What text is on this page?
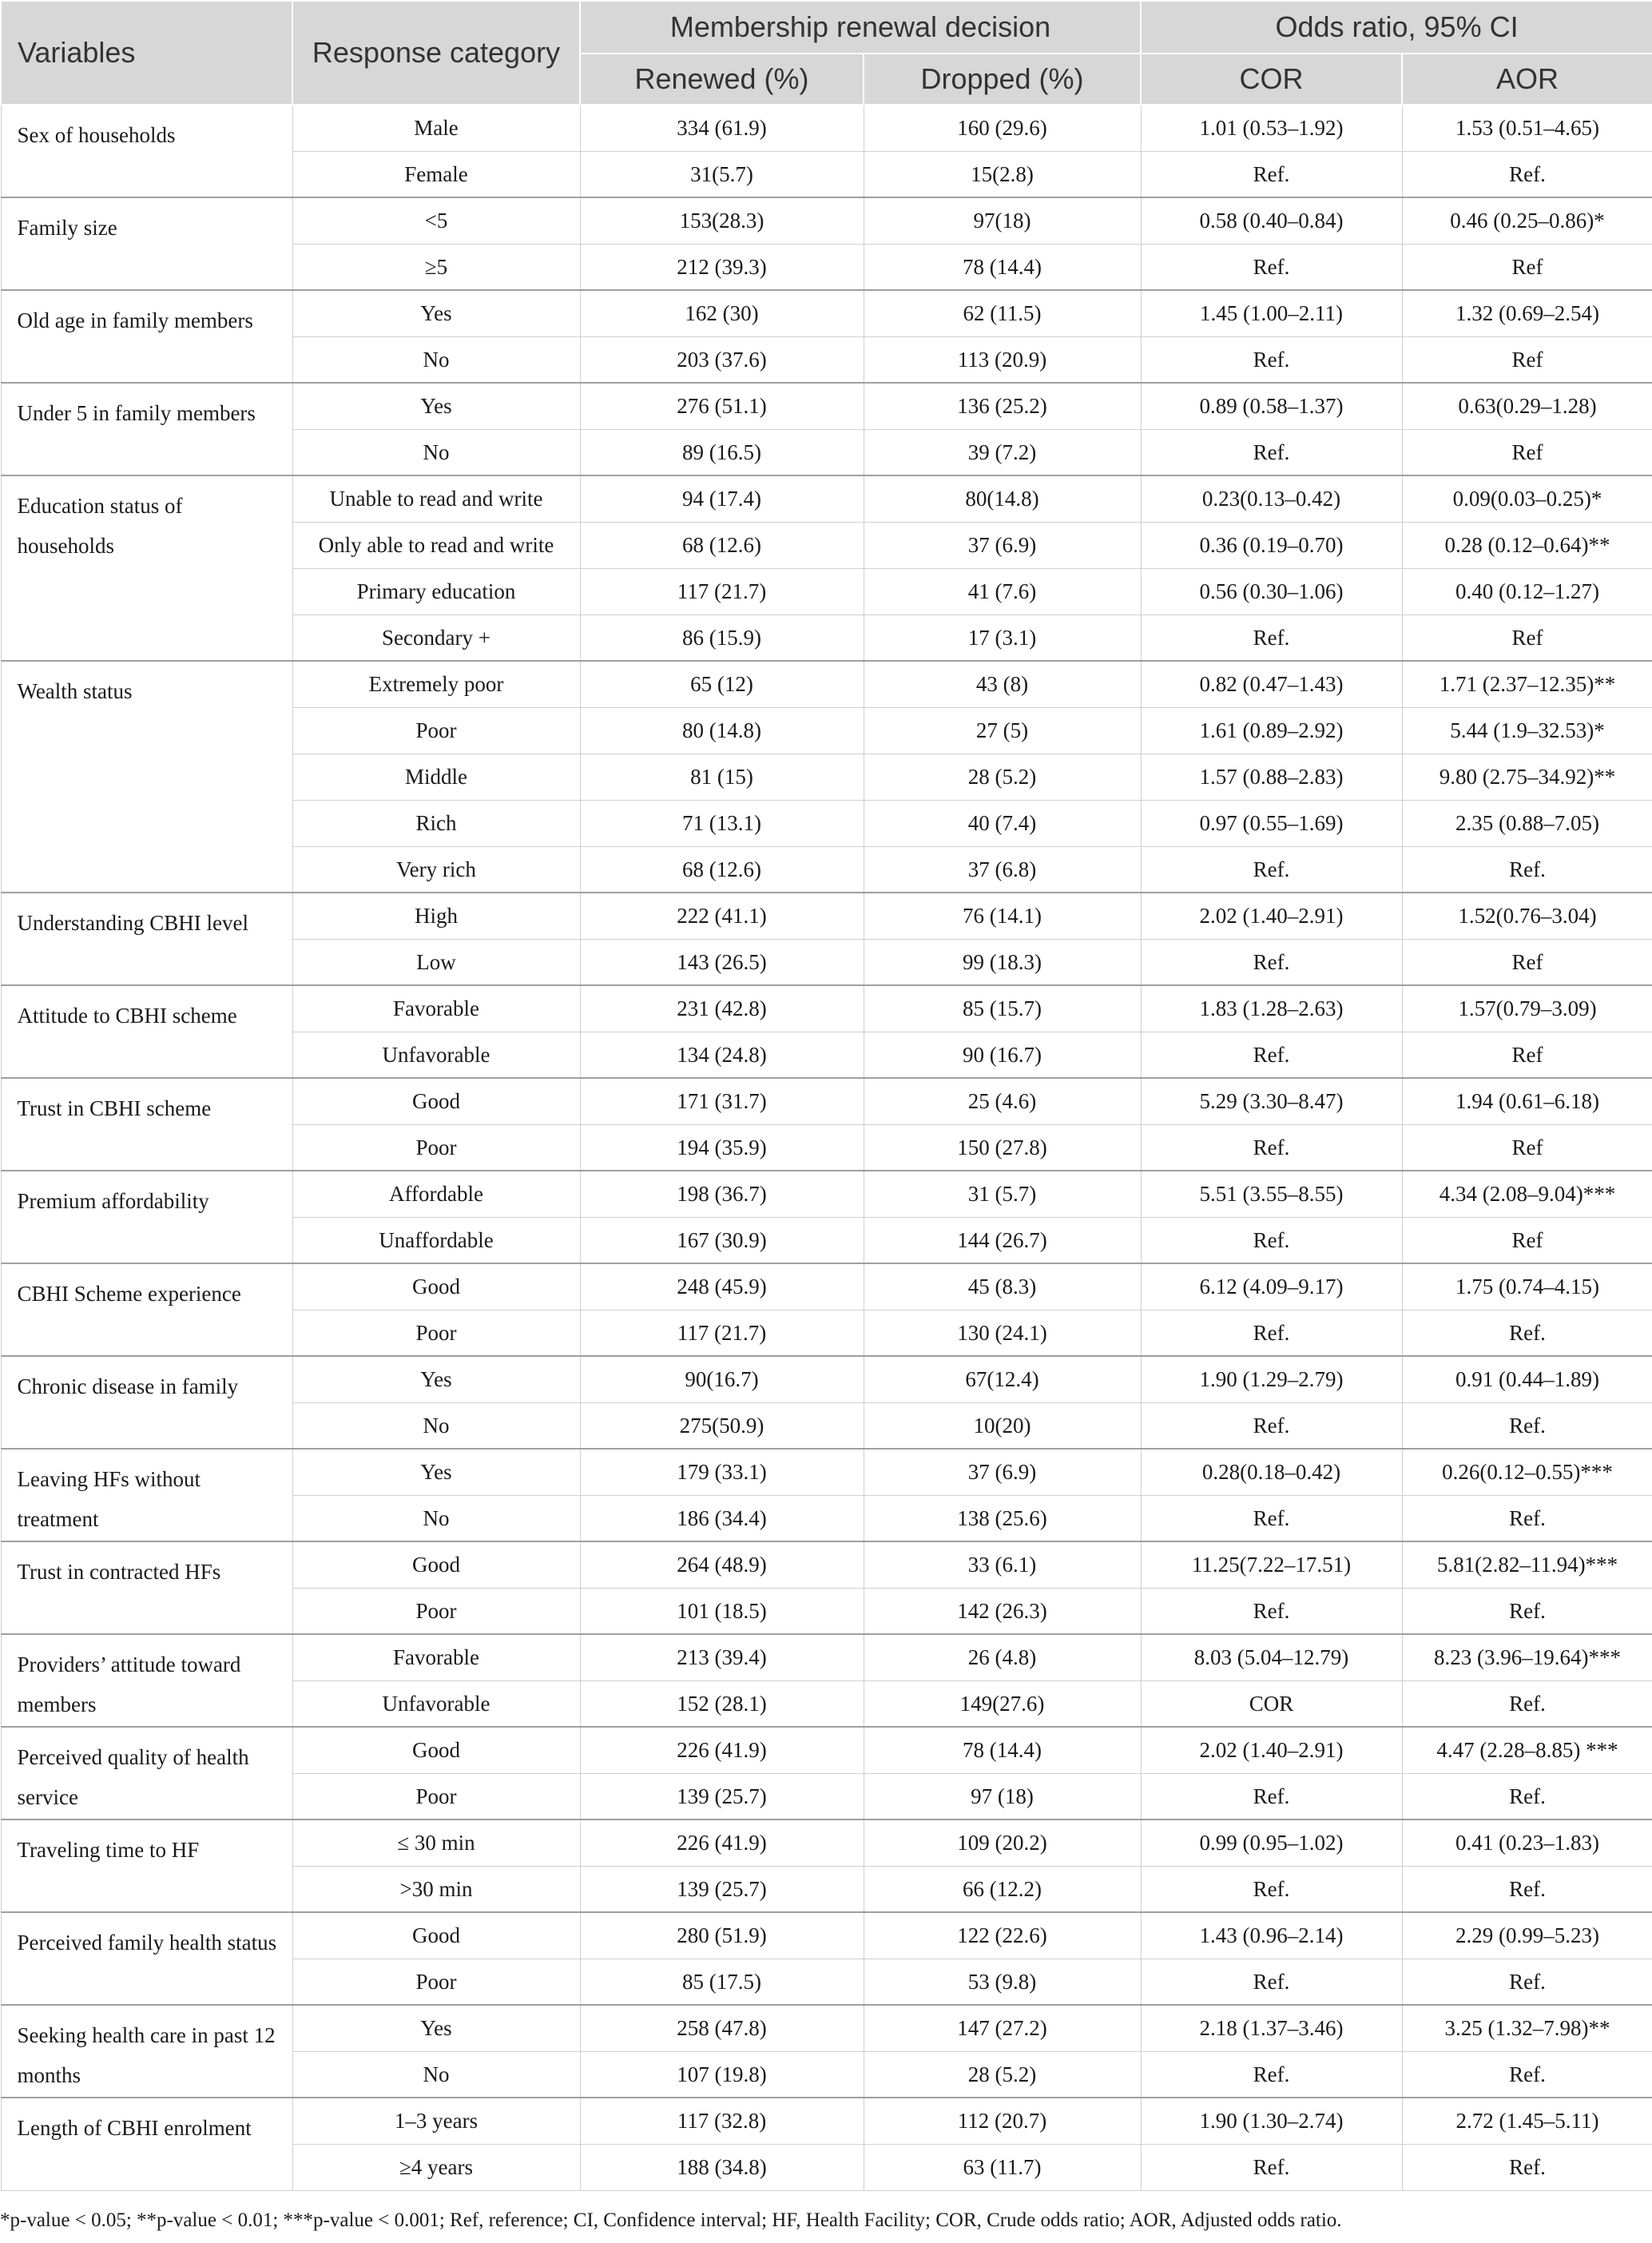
Variables	Response category	Membership renewal decision		Odds ratio, 95% CI	
		Renewed (%)	Dropped (%)	COR	AOR
Sex of households	Male	334 (61.9)	160 (29.6)	1.01 (0.53–1.92)	1.53 (0.51–4.65)
	Female	31(5.7)	15(2.8)	Ref.	Ref.
Family size	<5	153(28.3)	97(18)	0.58 (0.40–0.84)	0.46 (0.25–0.86)*
	≥5	212 (39.3)	78 (14.4)	Ref.	Ref
Old age in family members	Yes	162 (30)	62 (11.5)	1.45 (1.00–2.11)	1.32 (0.69–2.54)
	No	203 (37.6)	113 (20.9)	Ref.	Ref
Under 5 in family members	Yes	276 (51.1)	136 (25.2)	0.89 (0.58–1.37)	0.63(0.29–1.28)
	No	89 (16.5)	39 (7.2)	Ref.	Ref
Education status of households	Unable to read and write	94 (17.4)	80(14.8)	0.23(0.13–0.42)	0.09(0.03–0.25)*
	Only able to read and write	68 (12.6)	37 (6.9)	0.36 (0.19–0.70)	0.28 (0.12–0.64)**
	Primary education	117 (21.7)	41 (7.6)	0.56 (0.30–1.06)	0.40 (0.12–1.27)
	Secondary +	86 (15.9)	17 (3.1)	Ref.	Ref
Wealth status	Extremely poor	65 (12)	43 (8)	0.82 (0.47–1.43)	1.71 (2.37–12.35)**
	Poor	80 (14.8)	27 (5)	1.61 (0.89–2.92)	5.44 (1.9–32.53)*
	Middle	81 (15)	28 (5.2)	1.57 (0.88–2.83)	9.80 (2.75–34.92)**
	Rich	71 (13.1)	40 (7.4)	0.97 (0.55–1.69)	2.35 (0.88–7.05)
	Very rich	68 (12.6)	37 (6.8)	Ref.	Ref.
Understanding CBHI level	High	222 (41.1)	76 (14.1)	2.02 (1.40–2.91)	1.52(0.76–3.04)
	Low	143 (26.5)	99 (18.3)	Ref.	Ref
Attitude to CBHI scheme	Favorable	231 (42.8)	85 (15.7)	1.83 (1.28–2.63)	1.57(0.79–3.09)
	Unfavorable	134 (24.8)	90 (16.7)	Ref.	Ref
Trust in CBHI scheme	Good	171 (31.7)	25 (4.6)	5.29 (3.30–8.47)	1.94 (0.61–6.18)
	Poor	194 (35.9)	150 (27.8)	Ref.	Ref
Premium affordability	Affordable	198 (36.7)	31 (5.7)	5.51 (3.55–8.55)	4.34 (2.08–9.04)***
	Unaffordable	167 (30.9)	144 (26.7)	Ref.	Ref
CBHI Scheme experience	Good	248 (45.9)	45 (8.3)	6.12 (4.09–9.17)	1.75 (0.74–4.15)
	Poor	117 (21.7)	130 (24.1)	Ref.	Ref.
Chronic disease in family	Yes	90(16.7)	67(12.4)	1.90 (1.29–2.79)	0.91 (0.44–1.89)
	No	275(50.9)	10(20)	Ref.	Ref.
Leaving HFs without treatment	Yes	179 (33.1)	37 (6.9)	0.28(0.18–0.42)	0.26(0.12–0.55)***
	No	186 (34.4)	138 (25.6)	Ref.	Ref.
Trust in contracted HFs	Good	264 (48.9)	33 (6.1)	11.25(7.22–17.51)	5.81(2.82–11.94)***
	Poor	101 (18.5)	142 (26.3)	Ref.	Ref.
Providers’ attitude toward members	Favorable	213 (39.4)	26 (4.8)	8.03 (5.04–12.79)	8.23 (3.96–19.64)***
	Unfavorable	152 (28.1)	149(27.6)	COR	Ref.
Perceived quality of health service	Good	226 (41.9)	78 (14.4)	2.02 (1.40–2.91)	4.47 (2.28–8.85) ***
	Poor	139 (25.7)	97 (18)	Ref.	Ref.
Traveling time to HF	≤ 30 min	226 (41.9)	109 (20.2)	0.99 (0.95–1.02)	0.41 (0.23–1.83)
	˃30 min	139 (25.7)	66 (12.2)	Ref.	Ref.
Perceived family health status	Good	280 (51.9)	122 (22.6)	1.43 (0.96–2.14)	2.29 (0.99–5.23)
	Poor	85 (17.5)	53 (9.8)	Ref.	Ref.
Seeking health care in past 12 months	Yes	258 (47.8)	147 (27.2)	2.18 (1.37–3.46)	3.25 (1.32–7.98)**
	No	107 (19.8)	28 (5.2)	Ref.	Ref.
Length of CBHI enrolment	1–3 years	117 (32.8)	112 (20.7)	1.90 (1.30–2.74)	2.72 (1.45–5.11)
	≥4 years	188 (34.8)	63 (11.7)	Ref.	Ref.
*p-value < 0.05; **p-value < 0.01; ***p-value < 0.001; Ref, reference; CI, Confidence interval; HF, Health Facility; COR, Crude odds ratio; AOR, Adjusted odds ratio.
